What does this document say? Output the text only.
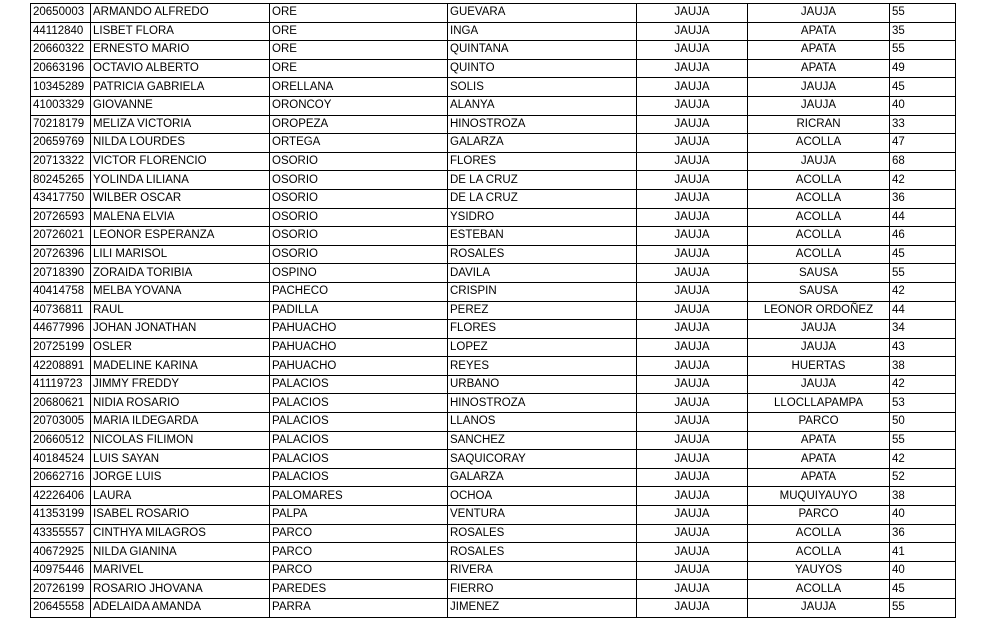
20650003	ARMANDO ALFREDO	ORE	GUEVARA	JAUJA	JAUJA	55
44112840	LISBET FLORA	ORE	INGA	JAUJA	APATA	35
20660322	ERNESTO MARIO	ORE	QUINTANA	JAUJA	APATA	55
20663196	OCTAVIO ALBERTO	ORE	QUINTO	JAUJA	APATA	49
10345289	PATRICIA GABRIELA	ORELLANA	SOLIS	JAUJA	JAUJA	45
41003329	GIOVANNE	ORONCOY	ALANYA	JAUJA	JAUJA	40
70218179	MELIZA VICTORIA	OROPEZA	HINOSTROZA	JAUJA	RICRAN	33
20659769	NILDA LOURDES	ORTEGA	GALARZA	JAUJA	ACOLLA	47
20713322	VICTOR FLORENCIO	OSORIO	FLORES	JAUJA	JAUJA	68
80245265	YOLINDA LILIANA	OSORIO	DE LA CRUZ	JAUJA	ACOLLA	42
43417750	WILBER OSCAR	OSORIO	DE LA CRUZ	JAUJA	ACOLLA	36
20726593	MALENA ELVIA	OSORIO	YSIDRO	JAUJA	ACOLLA	44
20726021	LEONOR ESPERANZA	OSORIO	ESTEBAN	JAUJA	ACOLLA	46
20726396	LILI MARISOL	OSORIO	ROSALES	JAUJA	ACOLLA	45
20718390	ZORAIDA TORIBIA	OSPINO	DAVILA	JAUJA	SAUSA	55
40414758	MELBA YOVANA	PACHECO	CRISPIN	JAUJA	SAUSA	42
40736811	RAUL	PADILLA	PEREZ	JAUJA	LEONOR ORDOÑEZ	44
44677996	JOHAN JONATHAN	PAHUACHO	FLORES	JAUJA	JAUJA	34
20725199	OSLER	PAHUACHO	LOPEZ	JAUJA	JAUJA	43
42208891	MADELINE KARINA	PAHUACHO	REYES	JAUJA	HUERTAS	38
41119723	JIMMY FREDDY	PALACIOS	URBANO	JAUJA	JAUJA	42
20680621	NIDIA ROSARIO	PALACIOS	HINOSTROZA	JAUJA	LLOCLLAPAMPA	53
20703005	MARIA ILDEGARDA	PALACIOS	LLANOS	JAUJA	PARCO	50
20660512	NICOLAS FILIMON	PALACIOS	SANCHEZ	JAUJA	APATA	55
40184524	LUIS SAYAN	PALACIOS	SAQUICORAY	JAUJA	APATA	42
20662716	JORGE LUIS	PALACIOS	GALARZA	JAUJA	APATA	52
42226406	LAURA	PALOMARES	OCHOA	JAUJA	MUQUIYAUYO	38
41353199	ISABEL ROSARIO	PALPA	VENTURA	JAUJA	PARCO	40
43355557	CINTHYA MILAGROS	PARCO	ROSALES	JAUJA	ACOLLA	36
40672925	NILDA GIANINA	PARCO	ROSALES	JAUJA	ACOLLA	41
40975446	MARIVEL	PARCO	RIVERA	JAUJA	YAUYOS	40
20726199	ROSARIO JHOVANA	PAREDES	FIERRO	JAUJA	ACOLLA	45
20645558	ADELAIDA AMANDA	PARRA	JIMENEZ	JAUJA	JAUJA	55
